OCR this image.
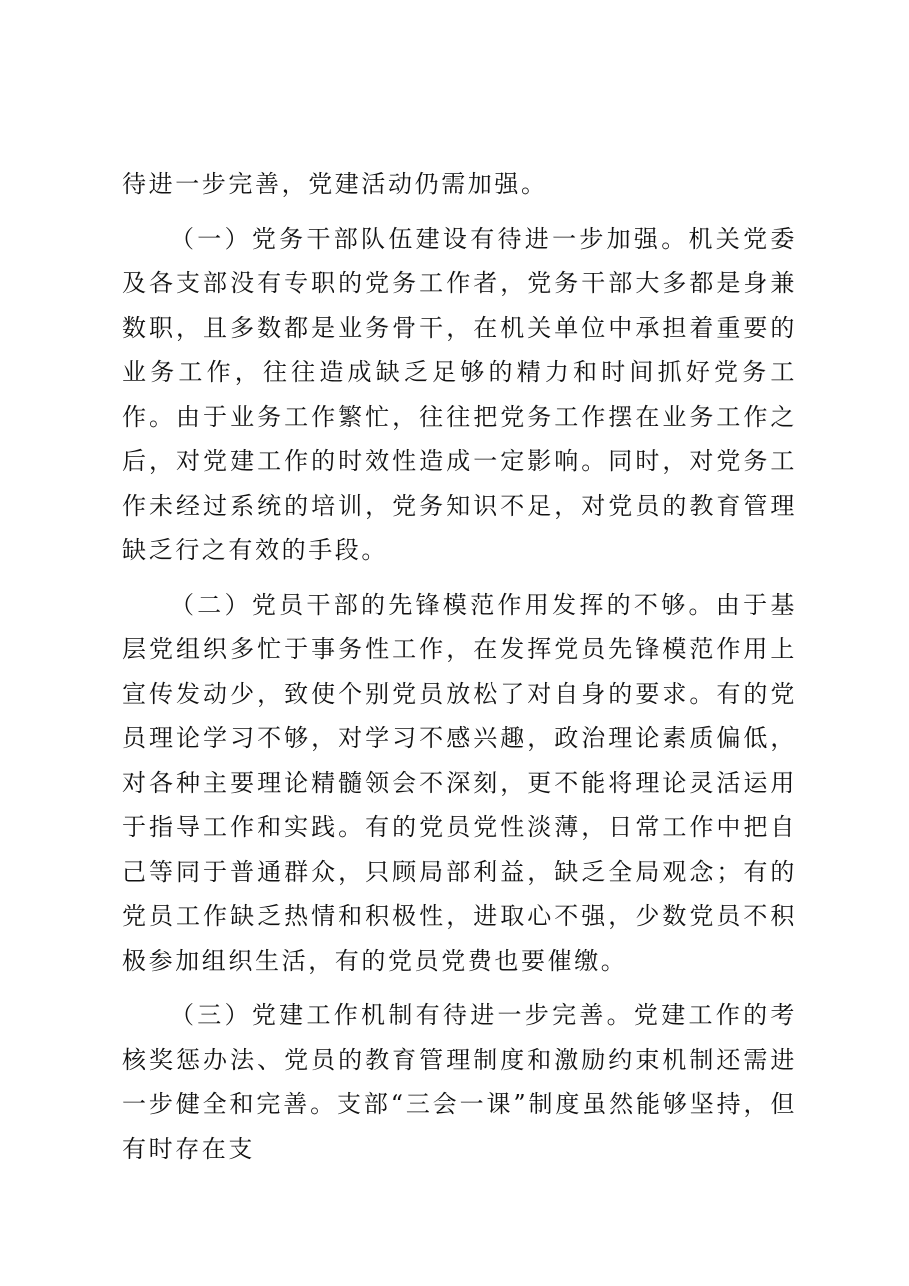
待进一步完善，党建活动仍需加强。

（一）党务干部队伍建设有待进一步加强。机关党委及各支部没有专职的党务工作者，党务干部大多都是身兼数职，且多数都是业务骨干，在机关单位中承担着重要的业务工作，往往造成缺乏足够的精力和时间抓好党务工作。由于业务工作繁忙，往往把党务工作摆在业务工作之后，对党建工作的时效性造成一定影响。同时，对党务工作未经过系统的培训，党务知识不足，对党员的教育管理缺乏行之有效的手段。

（二）党员干部的先锋模范作用发挥的不够。由于基层党组织多忙于事务性工作，在发挥党员先锋模范作用上宣传发动少，致使个别党员放松了对自身的要求。有的党员理论学习不够，对学习不感兴趣，政治理论素质偏低，对各种主要理论精髓领会不深刻，更不能将理论灵活运用于指导工作和实践。有的党员党性淡薄，日常工作中把自己等同于普通群众，只顾局部利益，缺乏全局观念；有的党员工作缺乏热情和积极性，进取心不强，少数党员不积极参加组织生活，有的党员党费也要催缴。

（三）党建工作机制有待进一步完善。党建工作的考核奖惩办法、党员的教育管理制度和激励约束机制还需进一步健全和完善。支部“三会一课”制度虽然能够坚持，但有时存在支
